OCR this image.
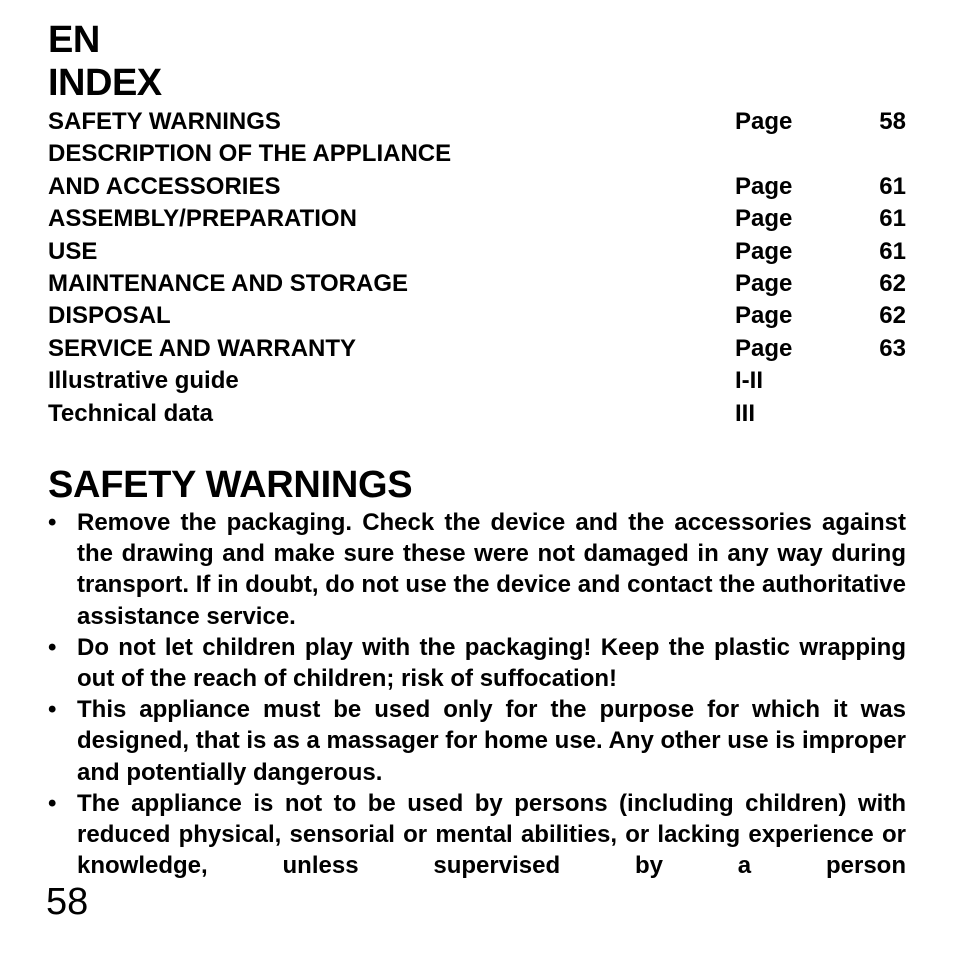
EN
INDEX
SAFETY WARNINGS	Page	58
DESCRIPTION OF THE APPLIANCE
AND ACCESSORIES	Page	61
ASSEMBLY/PREPARATION	Page	61
USE	Page	61
MAINTENANCE AND STORAGE	Page	62
DISPOSAL	Page	62
SERVICE AND WARRANTY	Page	63
Illustrative guide	I-II
Technical data	III
SAFETY WARNINGS
• Remove the packaging. Check the device and the accessories against the drawing and make sure these were not damaged in any way during transport. If in doubt, do not use the device and contact the authoritative assistance service.
• Do not let children play with the packaging! Keep the plastic wrapping out of the reach of children; risk of suffocation!
• This appliance must be used only for the purpose for which it was designed, that is as a massager for home use. Any other use is improper and potentially dangerous.
• The appliance is not to be used by persons (including children) with reduced physical, sensorial or mental abilities, or lacking experience or knowledge, unless supervised by a person
58
